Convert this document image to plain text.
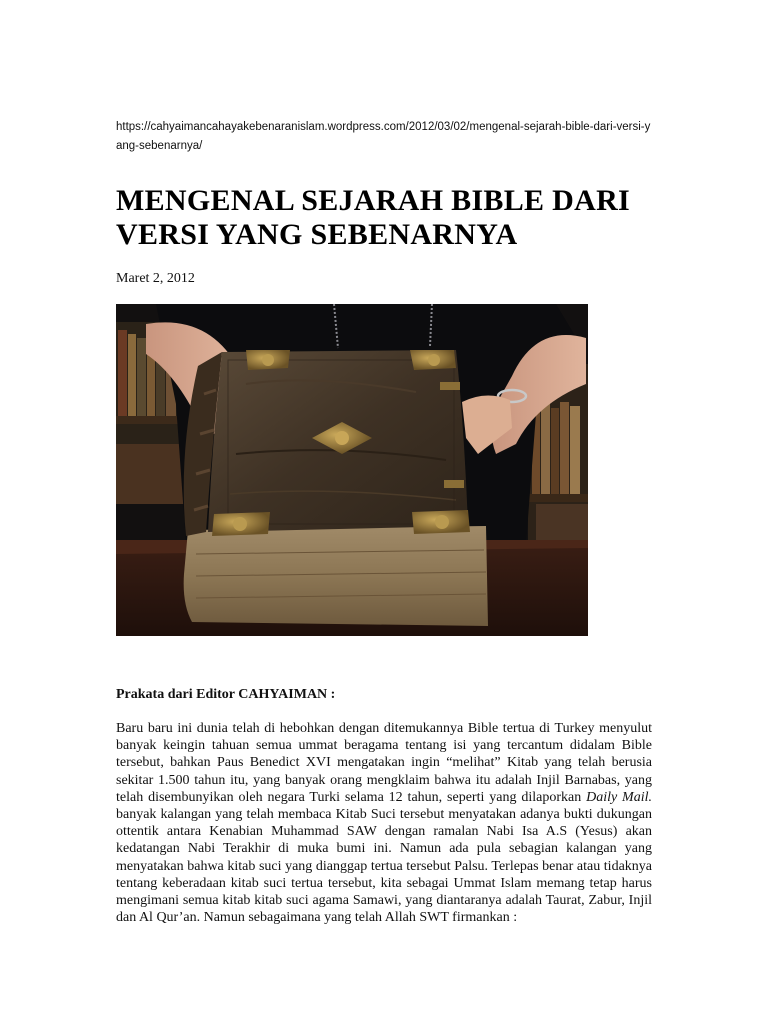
https://cahyaimancahayakebenaranislam.wordpress.com/2012/03/02/mengenal-sejarah-bible-dari-versi-yang-sebenarnya/

MENGENAL SEJARAH BIBLE DARI VERSI YANG SEBENARNYA

Maret 2, 2012

Prakata dari Editor CAHYAIMAN :

Baru baru ini dunia telah di hebohkan dengan ditemukannya Bible tertua di Turkey menyulut banyak keingin tahuan semua ummat beragama tentang isi yang tercantum didalam Bible tersebut, bahkan Paus Benedict XVI mengatakan ingin “melihat” Kitab yang telah berusia sekitar 1.500 tahun itu, yang banyak orang mengklaim bahwa itu adalah Injil Barnabas, yang telah disembunyikan oleh negara Turki selama 12 tahun, seperti yang dilaporkan Daily Mail. banyak kalangan yang telah membaca Kitab Suci tersebut menyatakan adanya bukti dukungan ottentik antara Kenabian Muhammad SAW dengan ramalan Nabi Isa A.S (Yesus) akan kedatangan Nabi Terakhir di muka bumi ini. Namun ada pula sebagian kalangan yang menyatakan bahwa kitab suci yang dianggap tertua tersebut Palsu. Terlepas benar atau tidaknya tentang keberadaan kitab suci tertua tersebut, kita sebagai Ummat Islam memang tetap harus mengimani semua kitab kitab suci agama Samawi, yang diantaranya adalah Taurat, Zabur, Injil dan Al Qur’an. Namun sebagaimana yang telah Allah SWT firmankan :
